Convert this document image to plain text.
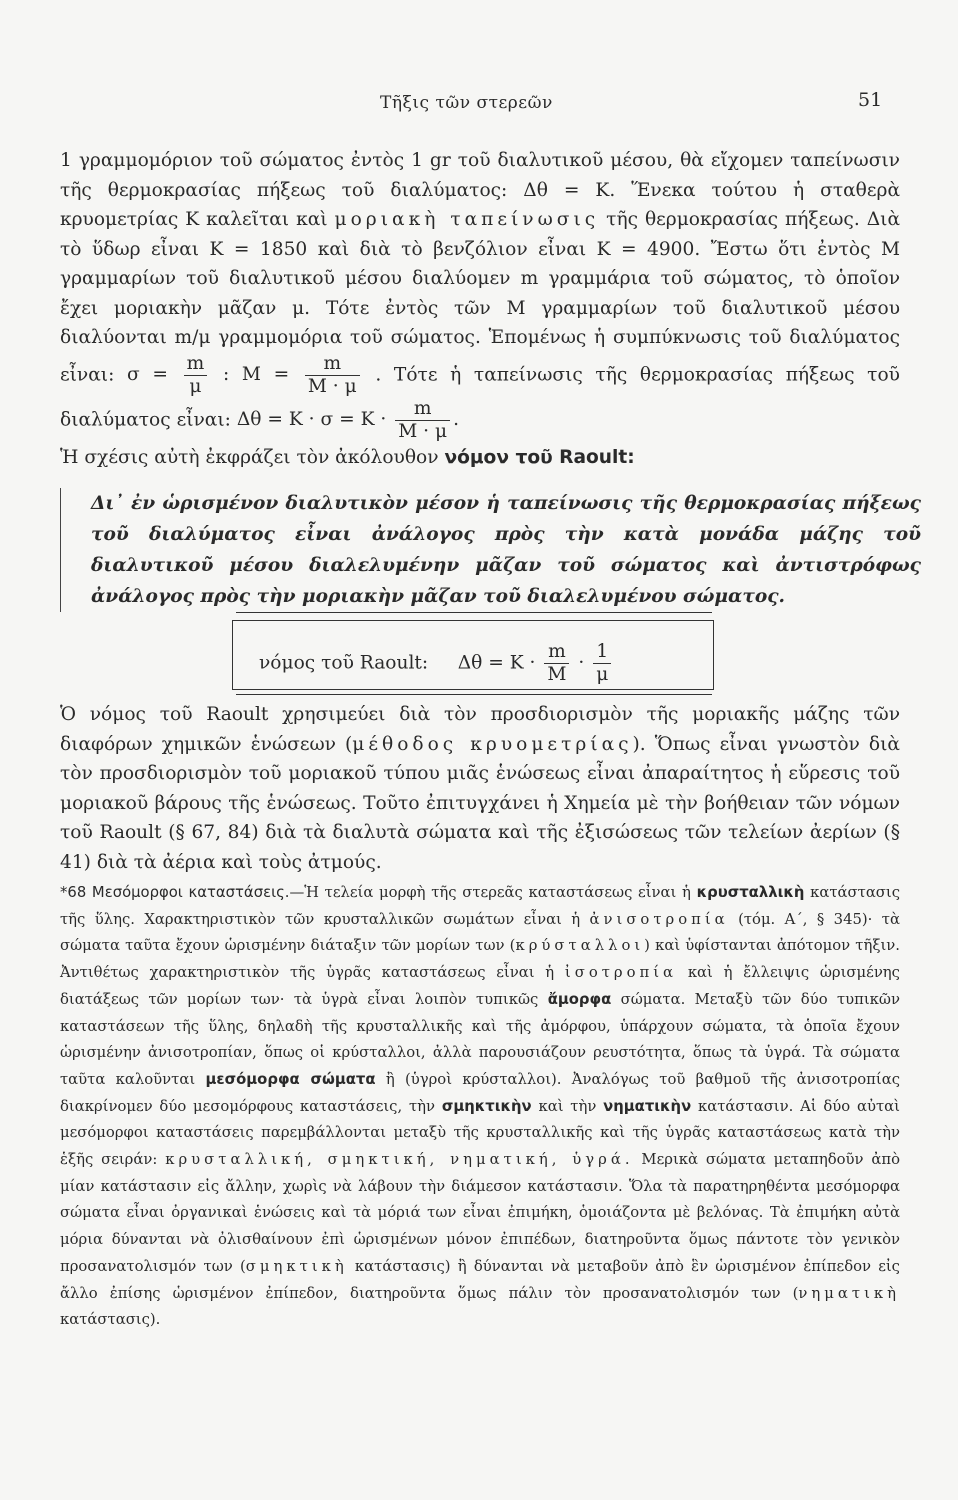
Τῆξις τῶν στερεῶν	51

1 γραμμομόριον τοῦ σώματος ἐντὸς 1 gr τοῦ διαλυτικοῦ μέσου, θὰ εἴχομεν ταπείνωσιν τῆς θερμοκρασίας πήξεως τοῦ διαλύματος: Δθ = Κ. Ἕνεκα τούτου ἡ σταθερὰ κρυομετρίας Κ καλεῖται καὶ μοριακὴ ταπείνωσις τῆς θερμοκρασίας πήξεως. Διὰ τὸ ὕδωρ εἶναι Κ = 1850 καὶ διὰ τὸ βενζόλιον εἶναι Κ = 4900. Ἔστω ὅτι ἐντὸς Μ γραμμαρίων τοῦ διαλυτικοῦ μέσου διαλύομεν m γραμμάρια τοῦ σώματος, τὸ ὁποῖον ἔχει μοριακὴν μᾶζαν μ. Τότε ἐντὸς τῶν Μ γραμμαρίων τοῦ διαλυτικοῦ μέσου διαλύονται m/μ γραμμομόρια τοῦ σώματος. Ἑπομένως ἡ συμπύκνωσις τοῦ διαλύματος εἶναι: $\sigma = \frac{m}{\mu}$ : $M = \frac{m}{M \cdot \mu}$ . Τότε ἡ ταπείνωσις τῆς θερμοκρασίας πήξεως τοῦ διαλύματος εἶναι: $\Delta\theta = K \cdot \sigma = K \cdot \frac{m}{M \cdot \mu}$ .

Ἡ σχέσις αὐτὴ ἐκφράζει τὸν ἀκόλουθον νόμον τοῦ Raoult:

Δι᾿ ἐν ὡρισμένον διαλυτικὸν μέσον ἡ ταπείνωσις τῆς θερμοκρασίας πήξεως τοῦ διαλύματος εἶναι ἀνάλογος πρὸς τὴν κατὰ μονάδα μάζης τοῦ διαλυτικοῦ μέσου διαλελυμένην μᾶζαν τοῦ σώματος καὶ ἀντιστρόφως ἀνάλογος πρὸς τὴν μοριακὴν μᾶζαν τοῦ διαλελυμένου σώματος.
νόμος τοῦ Raoult: $\Delta\theta = K \cdot \frac{m}{M} \cdot \frac{1}{\mu}$

Ὁ νόμος τοῦ Raoult χρησιμεύει διὰ τὸν προσδιορισμὸν τῆς μοριακῆς μάζης τῶν διαφόρων χημικῶν ἑνώσεων (μέθοδος κρυομετρίας). Ὅπως εἶναι γνωστὸν διὰ τὸν προσδιορισμὸν τοῦ μοριακοῦ τύπου μιᾶς ἑνώσεως εἶναι ἀπαραίτητος ἡ εὕρεσις τοῦ μοριακοῦ βάρους τῆς ἑνώσεως. Τοῦτο ἐπιτυγχάνει ἡ Χημεία μὲ τὴν βοήθειαν τῶν νόμων τοῦ Raoult (§ 67, 84) διὰ τὰ διαλυτὰ σώματα καὶ τῆς ἐξισώσεως τῶν τελείων ἀερίων (§ 41) διὰ τὰ ἀέρια καὶ τοὺς ἀτμούς.

*68 Μεσόμορφοι καταστάσεις.—Ἡ τελεία μορφὴ τῆς στερεᾶς καταστάσεως εἶναι ἡ κρυσταλλικὴ κατάστασις τῆς ὕλης. Χαρακτηριστικὸν τῶν κρυσταλλικῶν σωμάτων εἶναι ἡ ἀνισοτροπία (τόμ. Α΄, § 345)· τὰ σώματα ταῦτα ἔχουν ὡρισμένην διάταξιν τῶν μορίων των (κρύσταλλοι) καὶ ὑφίστανται ἀπότομον τῆξιν. Ἀντιθέτως χαρακτηριστικὸν τῆς ὑγρᾶς καταστάσεως εἶναι ἡ ἰσοτροπία καὶ ἡ ἔλλειψις ὡρισμένης διατάξεως τῶν μορίων των· τὰ ὑγρὰ εἶναι λοιπὸν τυπικῶς ἄμορφα σώματα. Μεταξὺ τῶν δύο τυπικῶν καταστάσεων τῆς ὕλης, δηλαδὴ τῆς κρυσταλλικῆς καὶ τῆς ἀμόρφου, ὑπάρχουν σώματα, τὰ ὁποῖα ἔχουν ὡρισμένην ἀνισοτροπίαν, ὅπως οἱ κρύσταλλοι, ἀλλὰ παρουσιάζουν ρευστότητα, ὅπως τὰ ὑγρά. Τὰ σώματα ταῦτα καλοῦνται μεσόμορφα σώματα ἢ (ὑγροὶ κρύσταλλοι). Ἀναλόγως τοῦ βαθμοῦ τῆς ἀνισοτροπίας διακρίνομεν δύο μεσομόρφους καταστάσεις, τὴν σμηκτικὴν καὶ τὴν νηματικὴν κατάστασιν. Αἱ δύο αὐταὶ μεσόμορφοι καταστάσεις παρεμβάλλονται μεταξὺ τῆς κρυσταλλικῆς καὶ τῆς ὑγρᾶς καταστάσεως κατὰ τὴν ἑξῆς σειράν: κρυσταλλική, σμηκτική, νηματική, ὑγρά. Μερικὰ σώματα μεταπηδοῦν ἀπὸ μίαν κατάστασιν εἰς ἄλλην, χωρὶς νὰ λάβουν τὴν διάμεσον κατάστασιν. Ὅλα τὰ παρατηρηθέντα μεσόμορφα σώματα εἶναι ὀργανικαὶ ἑνώσεις καὶ τὰ μόριά των εἶναι ἐπιμήκη, ὁμοιάζοντα μὲ βελόνας. Τὰ ἐπιμήκη αὐτὰ μόρια δύνανται νὰ ὀλισθαίνουν ἐπὶ ὡρισμένων μόνον ἐπιπέδων, διατηροῦντα ὅμως πάντοτε τὸν γενικὸν προσανατολισμόν των (σμηκτικὴ κατάστασις) ἢ δύνανται νὰ μεταβοῦν ἀπὸ ἓν ὡρισμένον ἐπίπεδον εἰς ἄλλο ἐπίσης ὡρισμένον ἐπίπεδον, διατηροῦντα ὅμως πάλιν τὸν προσανατολισμόν των (νηματικὴ κατάστασις).
